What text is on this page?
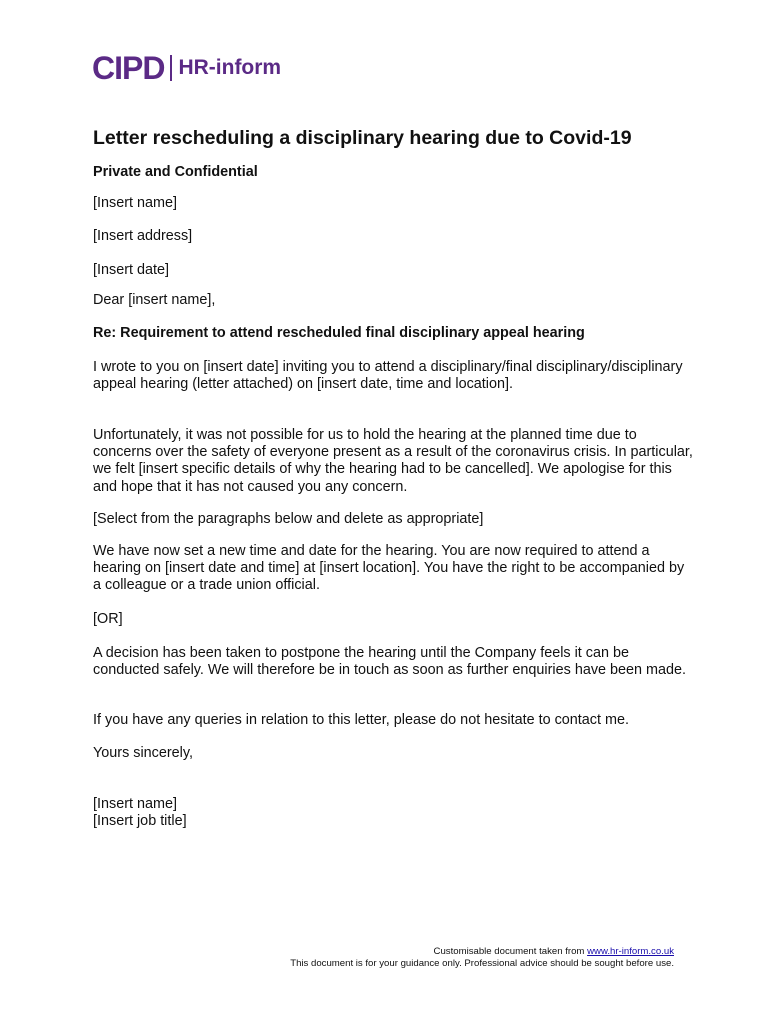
CIPD HR-inform
Letter rescheduling a disciplinary hearing due to Covid-19
Private and Confidential
[Insert name]
[Insert address]
[Insert date]
Dear [insert name],
Re: Requirement to attend rescheduled final disciplinary appeal hearing
I wrote to you on [insert date] inviting you to attend a disciplinary/final disciplinary/disciplinary appeal hearing (letter attached) on [insert date, time and location].
Unfortunately, it was not possible for us to hold the hearing at the planned time due to concerns over the safety of everyone present as a result of the coronavirus crisis. In particular, we felt [insert specific details of why the hearing had to be cancelled]. We apologise for this and hope that it has not caused you any concern.
[Select from the paragraphs below and delete as appropriate]
We have now set a new time and date for the hearing. You are now required to attend a hearing on [insert date and time] at [insert location]. You have the right to be accompanied by a colleague or a trade union official.
[OR]
A decision has been taken to postpone the hearing until the Company feels it can be conducted safely. We will therefore be in touch as soon as further enquiries have been made.
If you have any queries in relation to this letter, please do not hesitate to contact me.
Yours sincerely,
[Insert name]
[Insert job title]
Customisable document taken from www.hr-inform.co.uk
This document is for your guidance only. Professional advice should be sought before use.
